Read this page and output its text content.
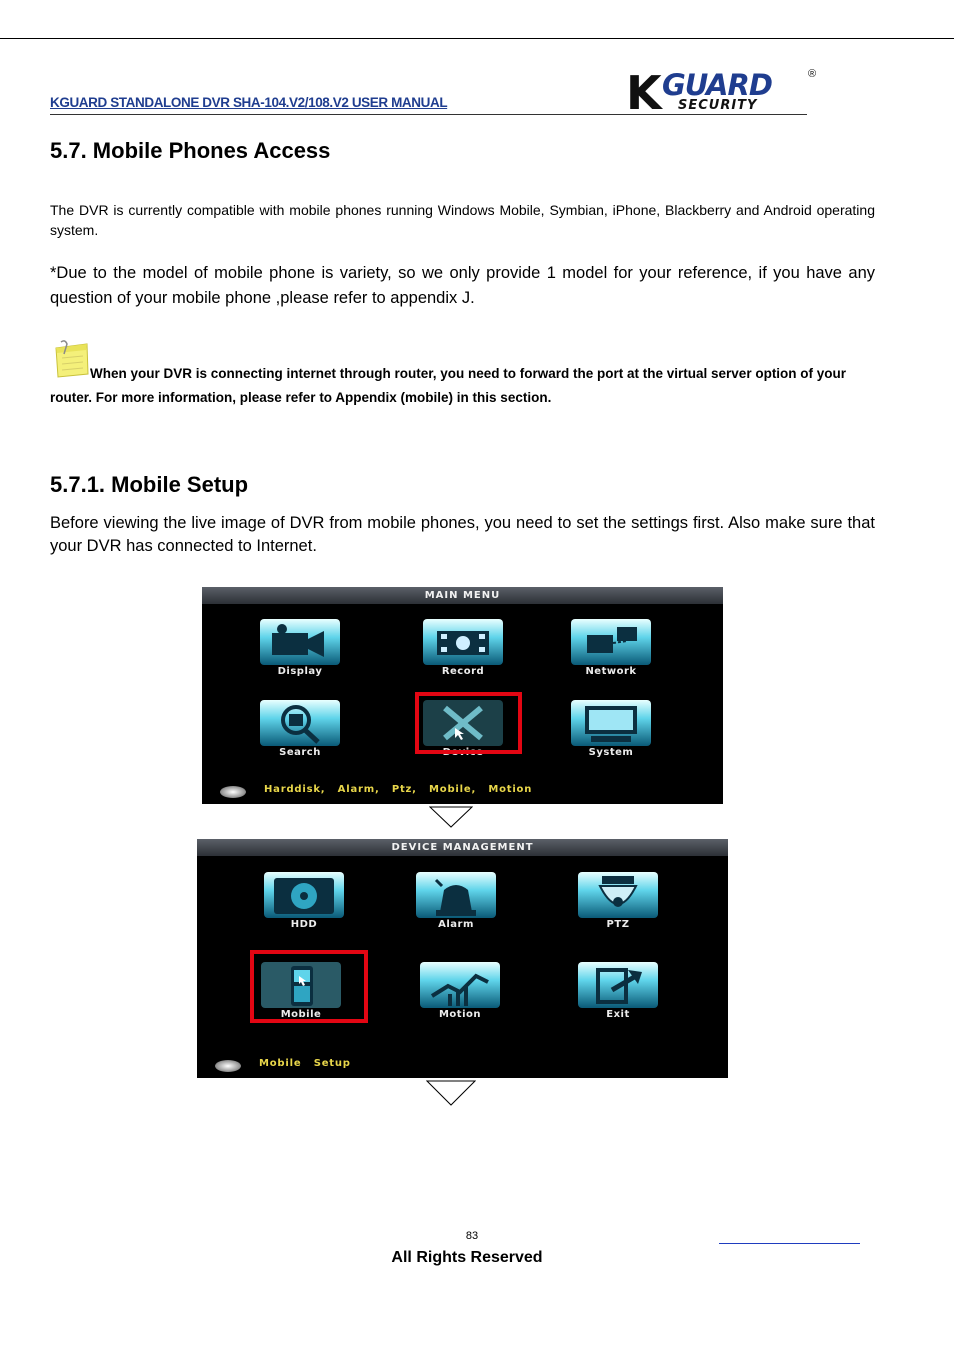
KGUARD STANDALONE DVR SHA-104.V2/108.V2 USER MANUAL	K GUARD
SECURITY
®
5.7. Mobile Phones Access

The DVR is currently compatible with mobile phones running Windows Mobile, Symbian, iPhone, Blackberry and Android operating system.

*Due to the model of mobile phone is variety, so we only provide 1 model for your reference, if you have any question of your mobile phone ,please refer to appendix J.

When your DVR is connecting internet through router, you need to forward the port at the virtual server option of your
router. For more information, please refer to Appendix (mobile) in this section.
5.7.1. Mobile Setup

Before viewing the live image of DVR from mobile phones, you need to set the settings first. Also make sure that your DVR has connected to Internet.

MAIN MENU
Display	Record	Network
Search	Device	System
Harddisk, Alarm, Ptz, Mobile, Motion
DEVICE MANAGEMENT
HDD	Alarm	PTZ
Mobile	Motion	Exit
Mobile Setup
83
All Rights Reserved
